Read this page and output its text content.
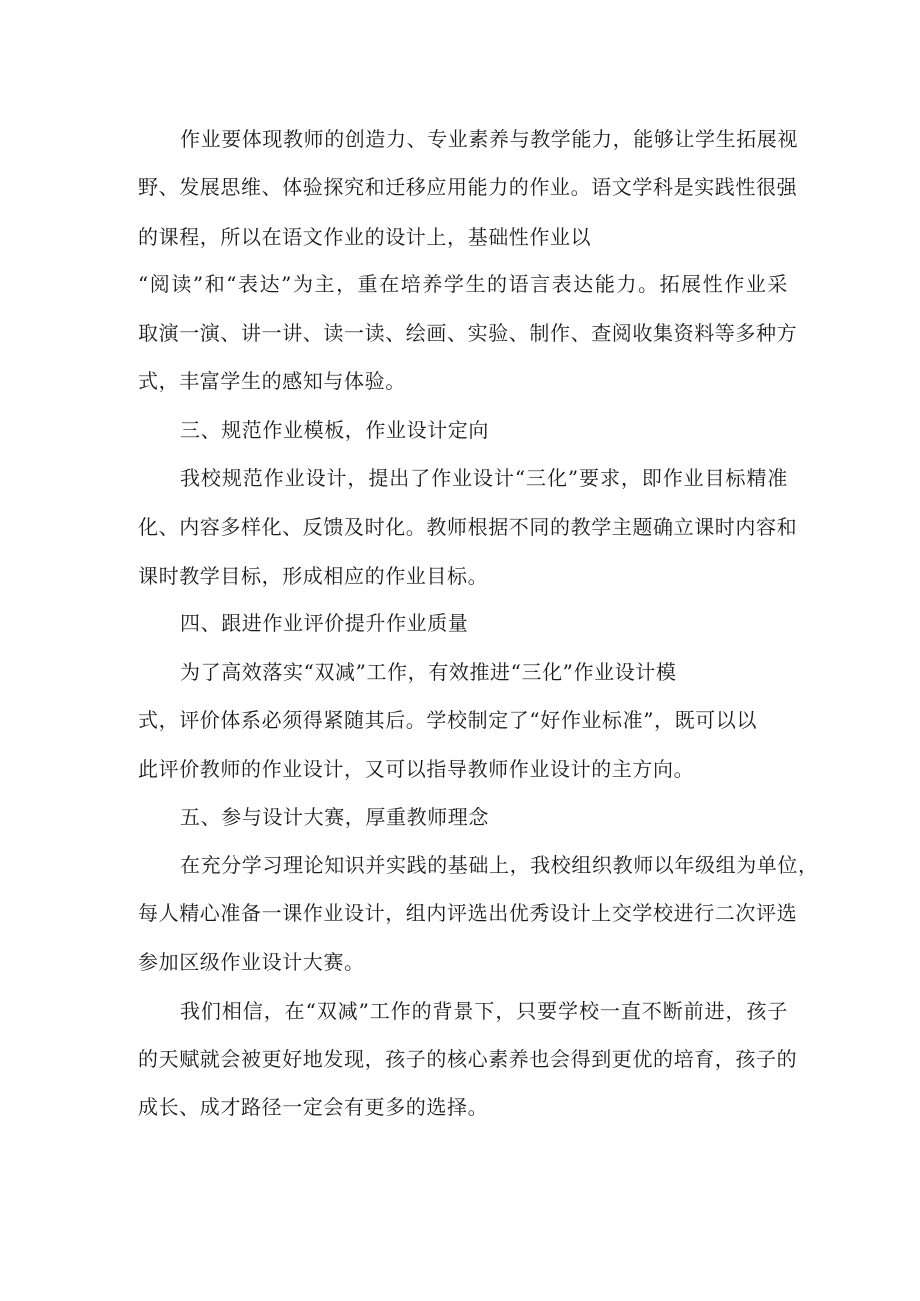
作业要体现教师的创造力、专业素养与教学能力，能够让学生拓展视
野、发展思维、体验探究和迁移应用能力的作业。语文学科是实践性很强
的课程，所以在语文作业的设计上，基础性作业以
“阅读”和“表达”为主，重在培养学生的语言表达能力。拓展性作业采
取演一演、讲一讲、读一读、绘画、实验、制作、查阅收集资料等多种方
式，丰富学生的感知与体验。
三、规范作业模板，作业设计定向
我校规范作业设计，提出了作业设计“三化”要求，即作业目标精准
化、内容多样化、反馈及时化。教师根据不同的教学主题确立课时内容和
课时教学目标，形成相应的作业目标。
四、跟进作业评价提升作业质量
为了高效落实“双减”工作，有效推进“三化”作业设计模
式，评价体系必须得紧随其后。学校制定了“好作业标准”，既可以以
此评价教师的作业设计，又可以指导教师作业设计的主方向。
五、参与设计大赛，厚重教师理念
在充分学习理论知识并实践的基础上，我校组织教师以年级组为单位，
每人精心准备一课作业设计，组内评选出优秀设计上交学校进行二次评选
参加区级作业设计大赛。
我们相信，在“双减”工作的背景下，只要学校一直不断前进，孩子
的天赋就会被更好地发现，孩子的核心素养也会得到更优的培育，孩子的
成长、成才路径一定会有更多的选择。
